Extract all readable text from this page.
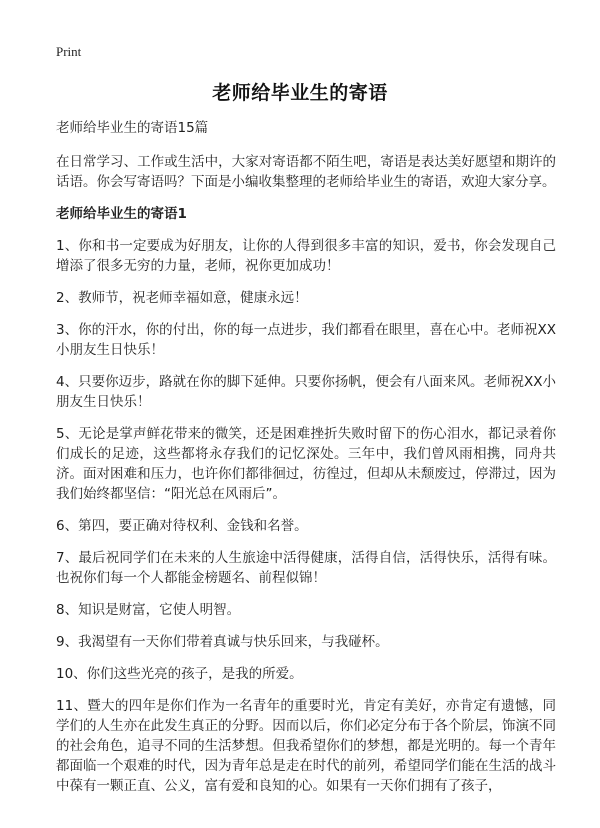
Print
老师给毕业生的寄语

老师给毕业生的寄语15篇

在日常学习、工作或生活中，大家对寄语都不陌生吧，寄语是表达美好愿望和期许的话语。你会写寄语吗？下面是小编收集整理的老师给毕业生的寄语，欢迎大家分享。

老师给毕业生的寄语1

1、你和书一定要成为好朋友，让你的人得到很多丰富的知识，爱书，你会发现自己增添了很多无穷的力量，老师，祝你更加成功！

2、教师节，祝老师幸福如意，健康永远！

3、你的汗水，你的付出，你的每一点进步，我们都看在眼里，喜在心中。老师祝XX小朋友生日快乐！

4、只要你迈步，路就在你的脚下延伸。只要你扬帆，便会有八面来风。老师祝XX小朋友生日快乐！

5、无论是掌声鲜花带来的微笑，还是困难挫折失败时留下的伤心泪水，都记录着你们成长的足迹，这些都将永存我们的记忆深处。三年中，我们曾风雨相携，同舟共济。面对困难和压力，也许你们都徘徊过，彷徨过，但却从未颓废过，停滞过，因为我们始终都坚信：“阳光总在风雨后”。

6、第四，要正确对待权利、金钱和名誉。

7、最后祝同学们在未来的人生旅途中活得健康，活得自信，活得快乐，活得有味。也祝你们每一个人都能金榜题名、前程似锦！

8、知识是财富，它使人明智。

9、我渴望有一天你们带着真诚与快乐回来，与我碰杯。

10、你们这些光亮的孩子，是我的所爱。

11、暨大的四年是你们作为一名青年的重要时光，肯定有美好，亦肯定有遗憾，同学们的人生亦在此发生真正的分野。因而以后，你们必定分布于各个阶层，饰演不同的社会角色，追寻不同的生活梦想。但我希望你们的梦想，都是光明的。每一个青年都面临一个艰难的时代，因为青年总是走在时代的前列，希望同学们能在生活的战斗中葆有一颗正直、公义，富有爱和良知的心。如果有一天你们拥有了孩子，
